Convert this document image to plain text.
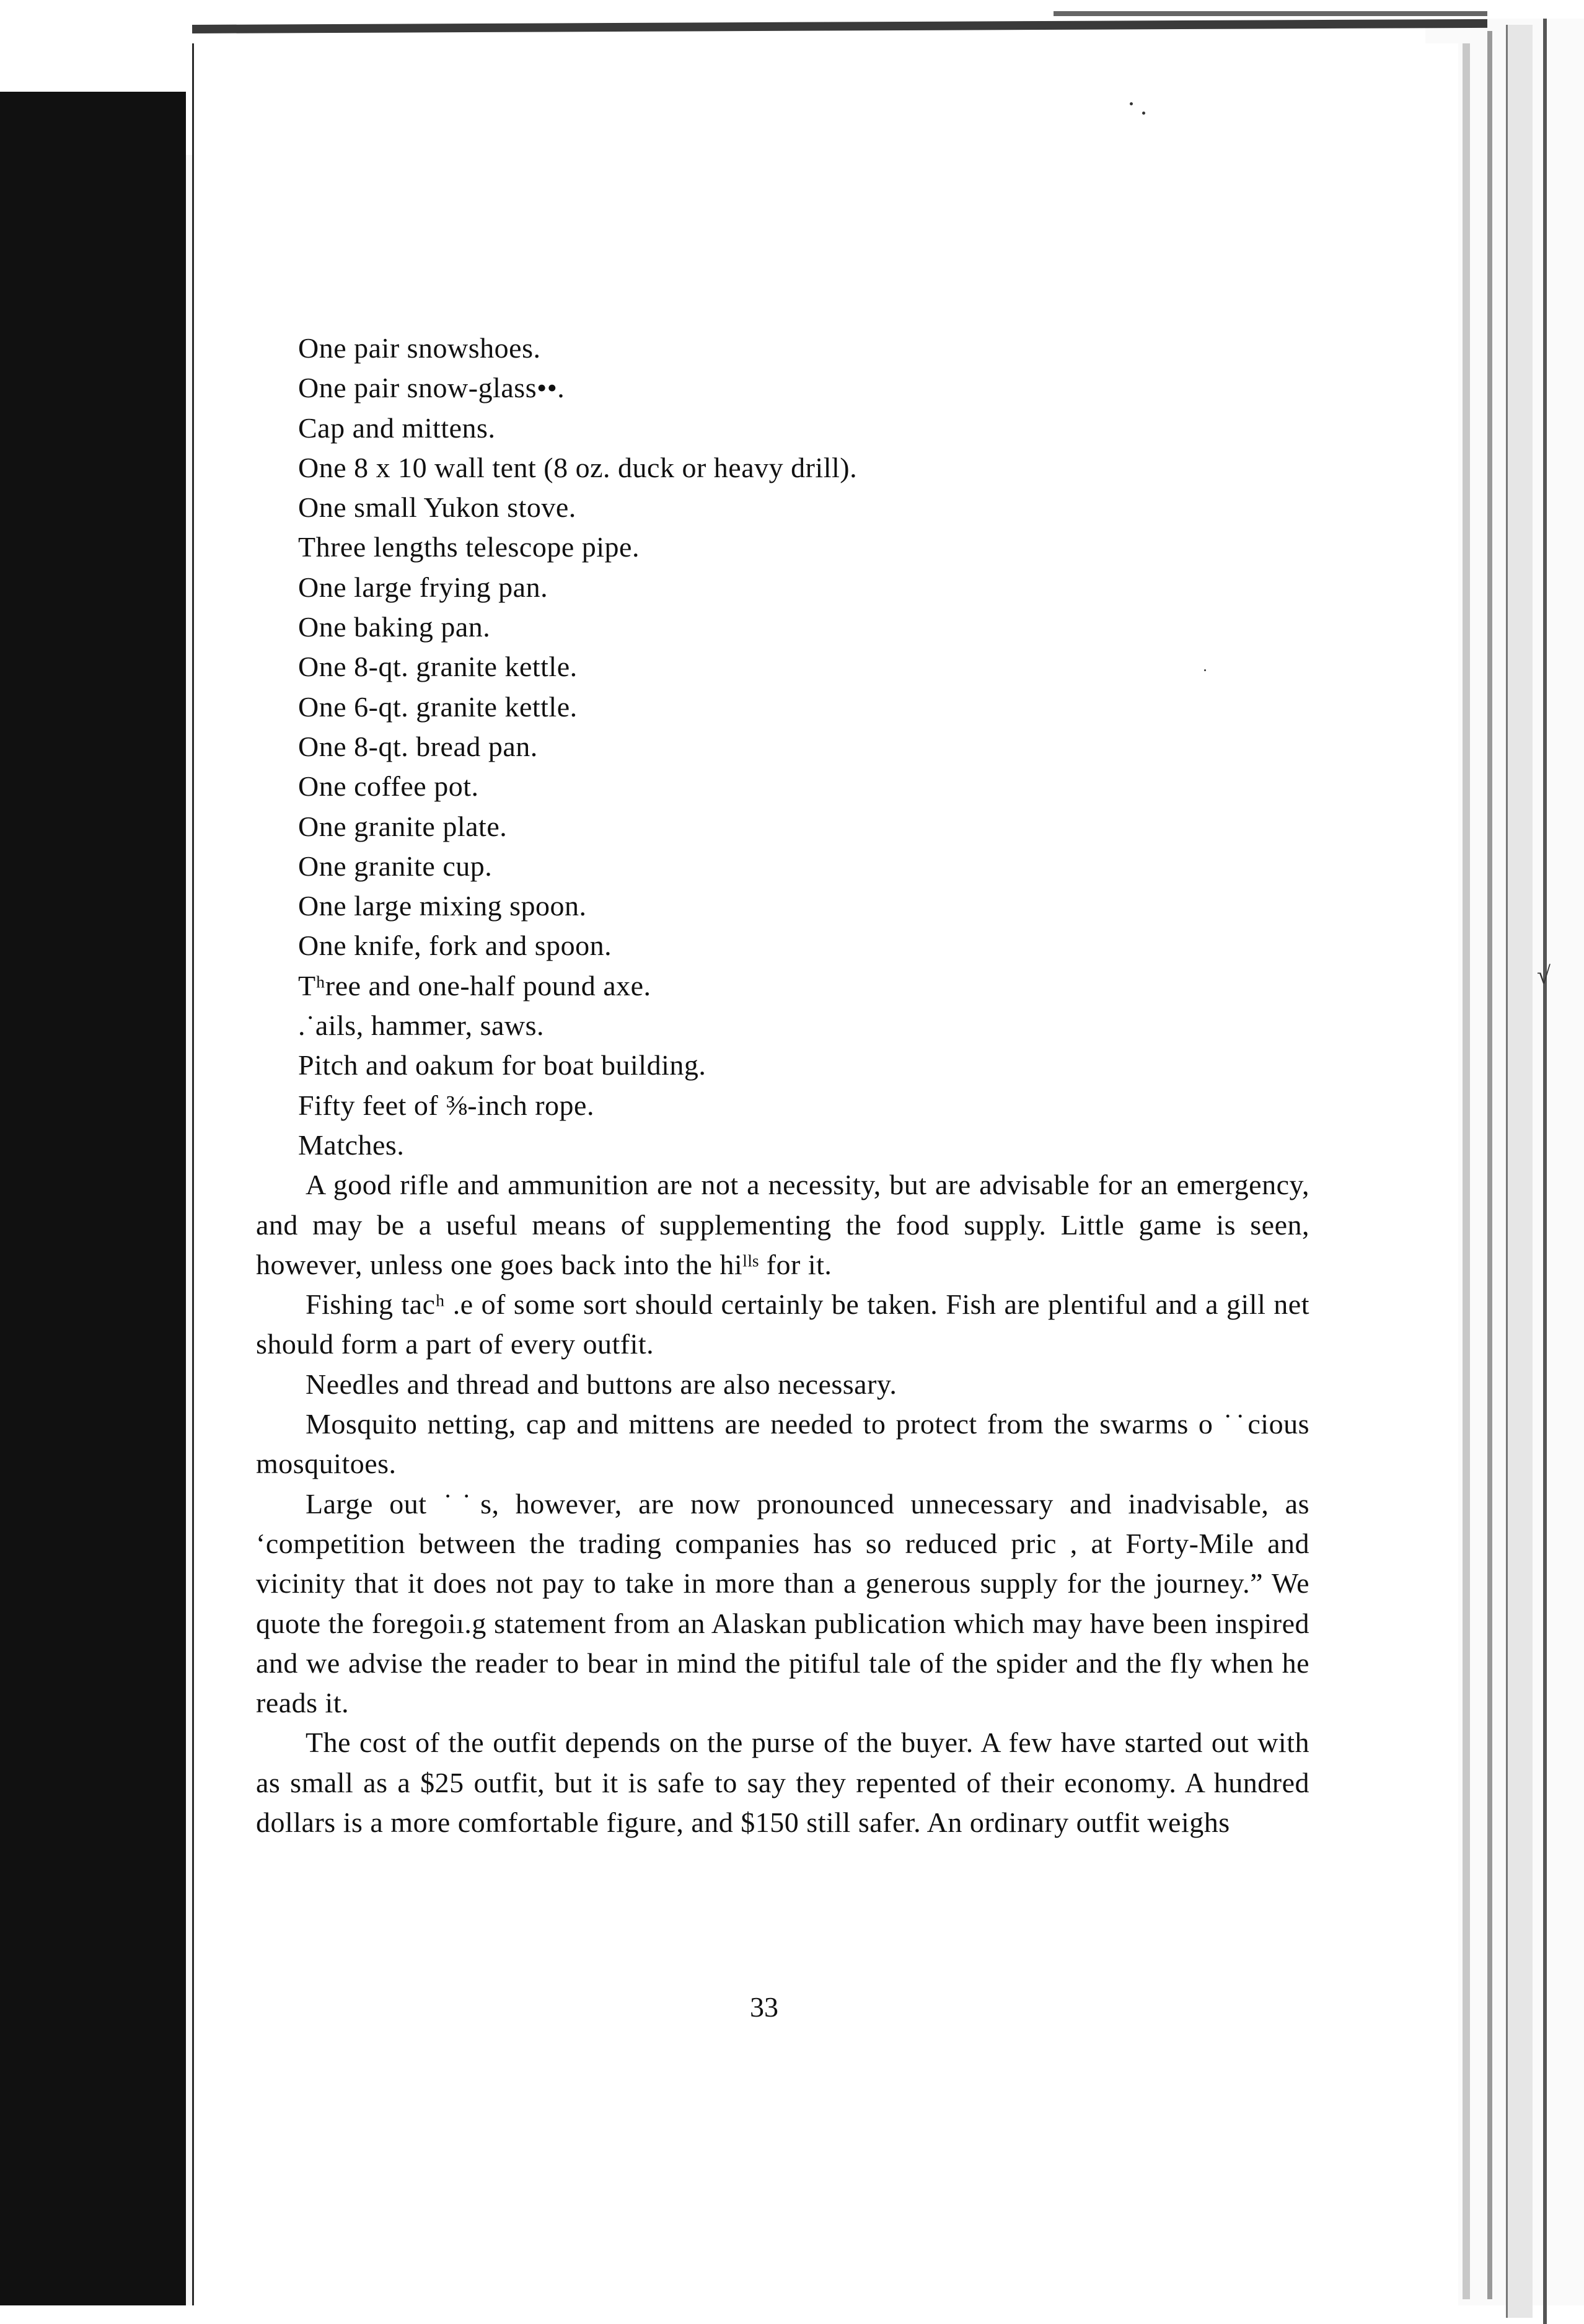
One pair snowshoes.

One pair snow-glass••.

Cap and mittens.

One 8 x 10 wall tent (8 oz. duck or heavy drill).

One small Yukon stove.

Three lengths telescope pipe.

One large frying pan.

One baking pan.

One 8-qt. granite kettle.

One 6-qt. granite kettle.

One 8-qt. bread pan.

One coffee pot.

One granite plate.

One granite cup.

One large mixing spoon.

One knife, fork and spoon.

Tʰree and one-half pound axe.

.˙ails, hammer, saws.

Pitch and oakum for boat building.

Fifty feet of ⅜-inch rope.

Matches.

A good rifle and ammunition are not a necessity, but are advisable for an emergency, and may be a useful means of supplementing the food supplу. Little game is seen, however, unless one goes back into the hiˡˡˢ for it.

Fishing tacʰ .e of some sort should certainly be taken. Fish are plentiful and a gill net should form a part of every outfit.

Needles and thread and buttons are also necessary.

Mosquito netting, cap and mittens are needed to protect from the swarms o ˙˙cious mosquitoes.

Large out ˙˙s, however, are now pronounced unnecessary and inadvisable, as ʻcompetition between the trading companies has so reduced pric , at Forty-Mile and vicinity that it does not pay to take in more than a generous supply for the journey.” We quote the foregoiı.g statement from an Alaskan publication which may have been inspired and we advise the reader to bear in mind the pitiful tale of the spider and the fly when he reads it.

The cost of the outfit depends on the purse of the buyer. A few have started out with as small as a $25 outfit, but it is safe to say they repented of their economy. A hundred dollars is a more comfortable figure, and $150 still safer. An ordinary outfit weighs

33
√
